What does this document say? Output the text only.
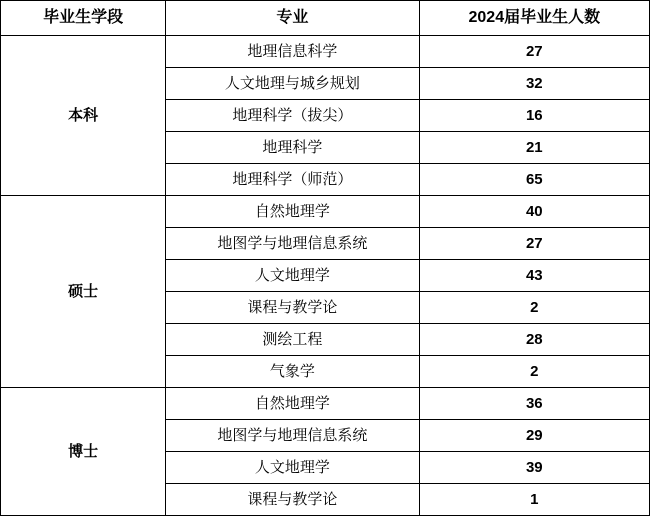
毕业生学段	专业	2024届毕业生人数
本科	地理信息科学	27
	人文地理与城乡规划	32
	地理科学（拔尖）	16
	地理科学	21
	地理科学（师范）	65
硕士	自然地理学	40
	地图学与地理信息系统	27
	人文地理学	43
	课程与教学论	2
	测绘工程	28
	气象学	2
博士	自然地理学	36
	地图学与地理信息系统	29
	人文地理学	39
	课程与教学论	1
